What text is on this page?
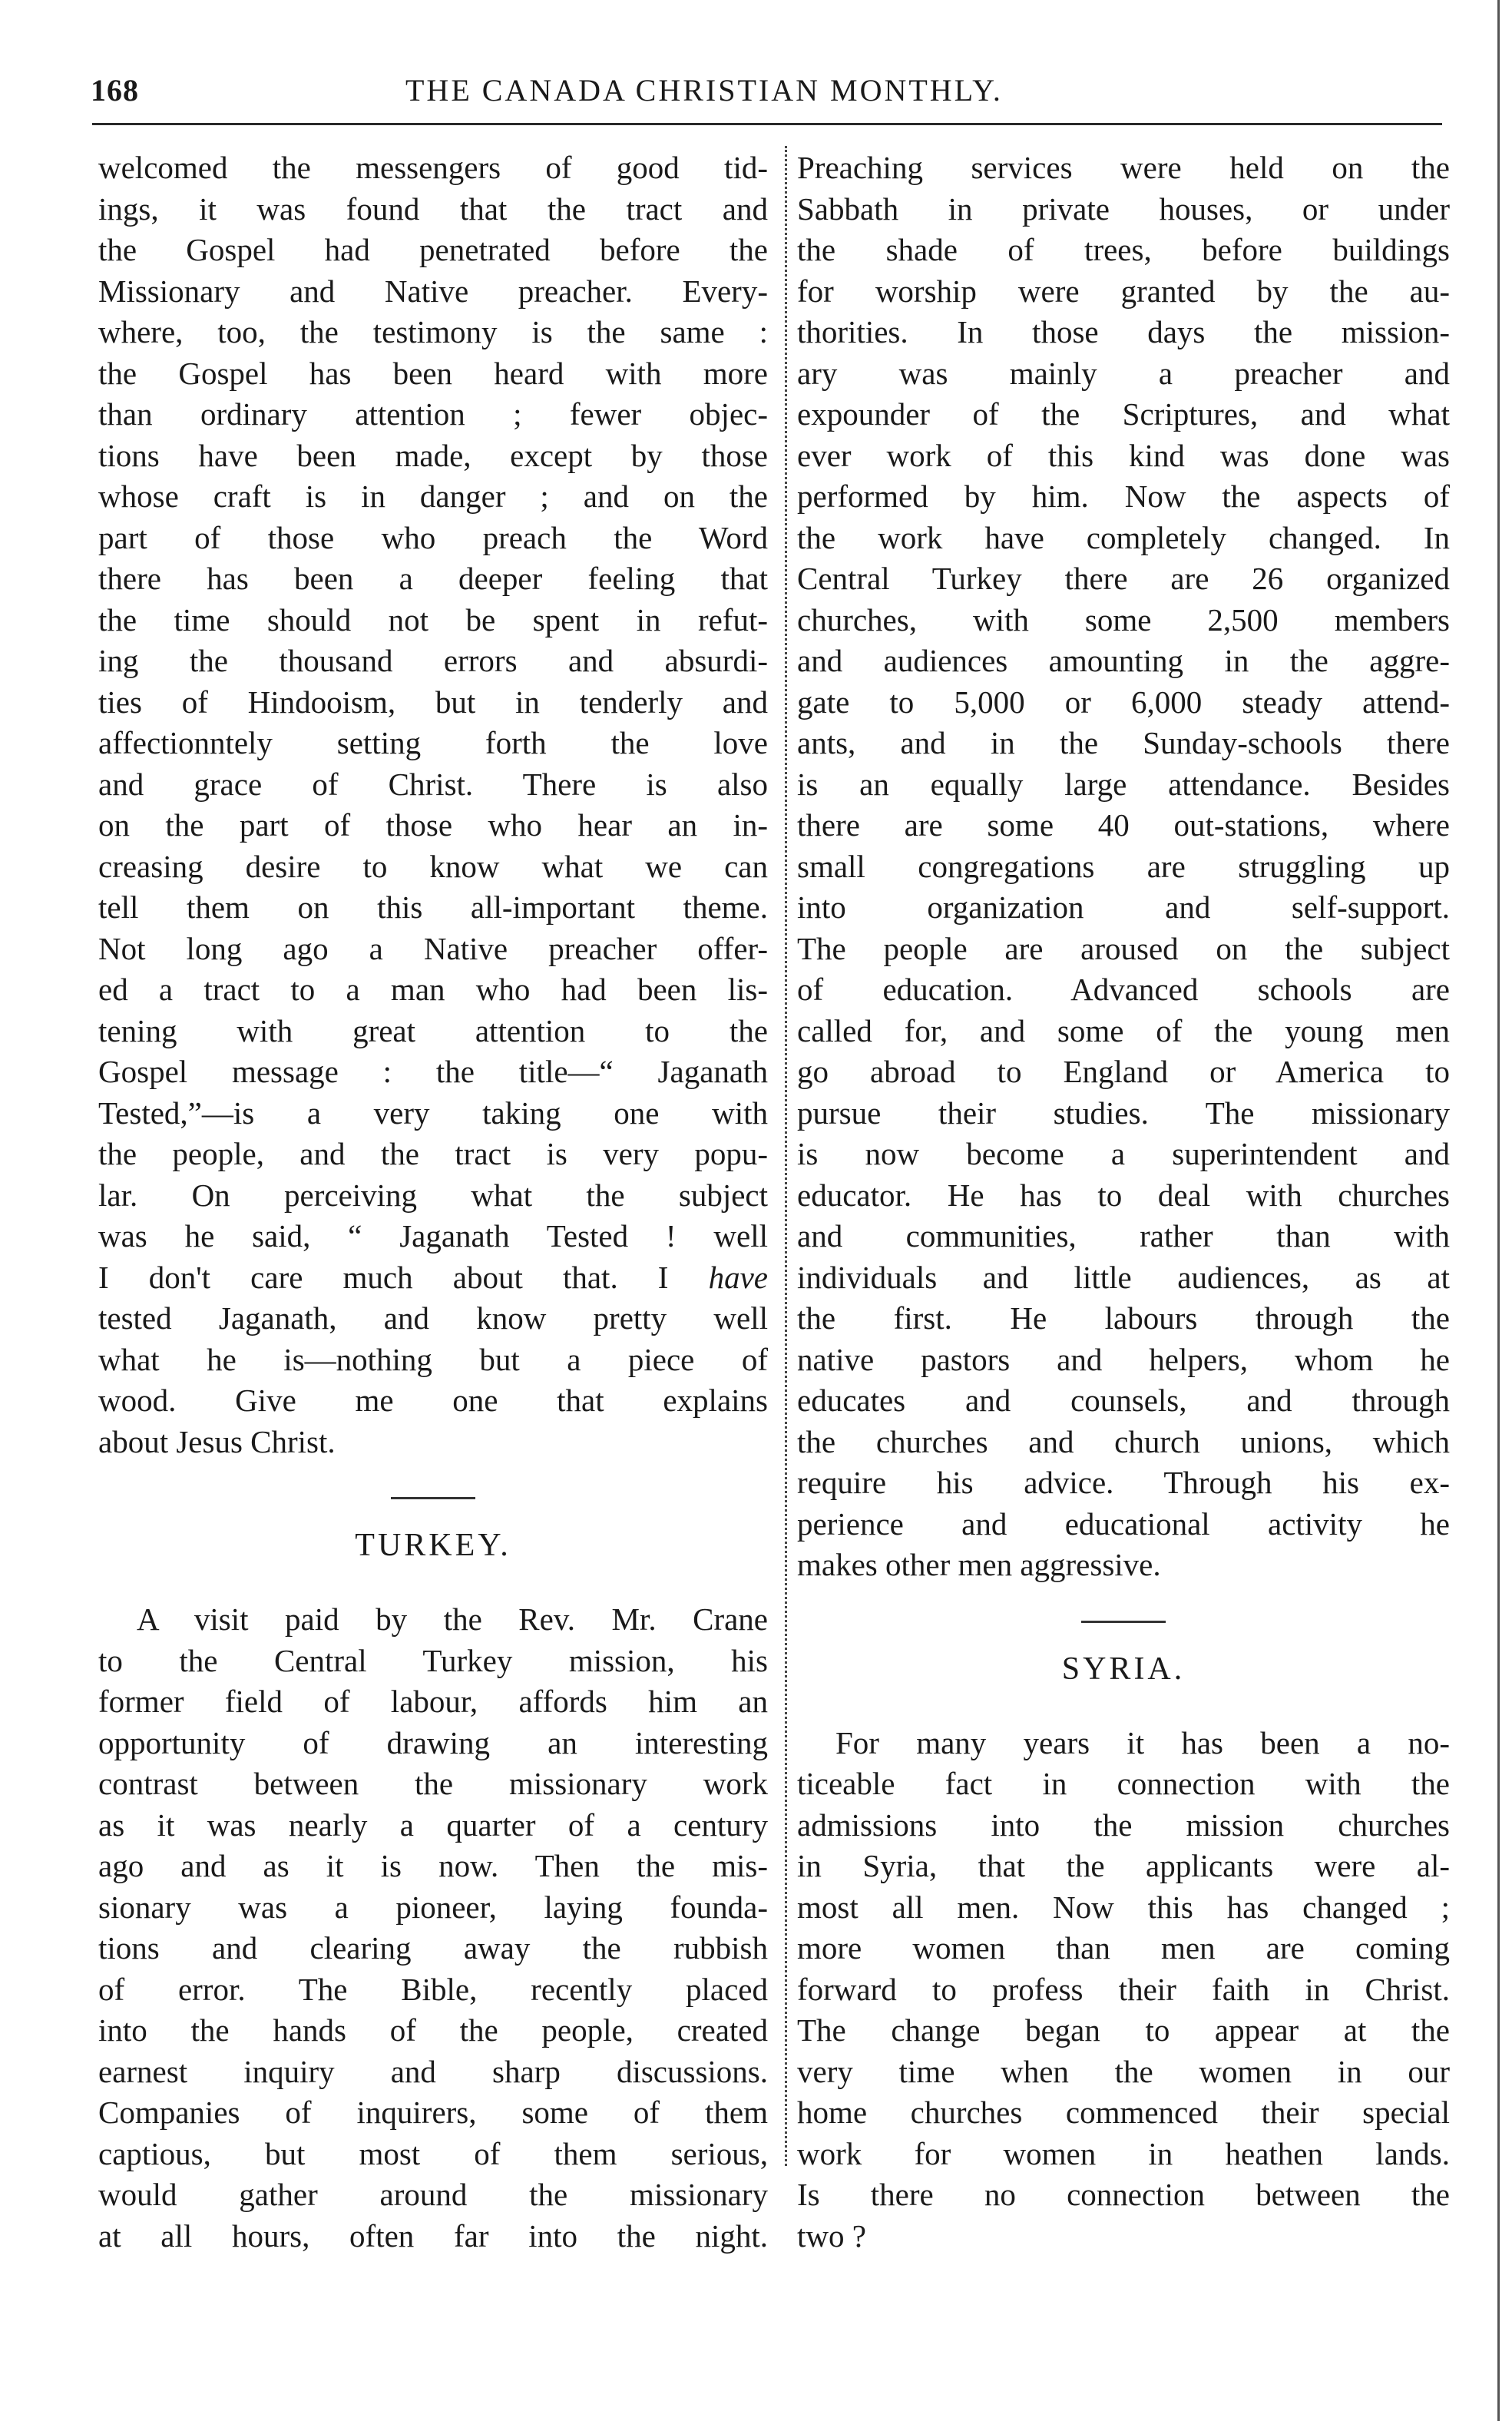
168	THE CANADA CHRISTIAN MONTHLY.
welcomed the messengers of good tid-
ings, it was found that the tract and
the Gospel had penetrated before the
Missionary and Native preacher. Every-
where, too, the testimony is the same :
the Gospel has been heard with more
than ordinary attention ; fewer objec-
tions have been made, except by those
whose craft is in danger ; and on the
part of those who preach the Word
there has been a deeper feeling that
the time should not be spent in refut-
ing the thousand errors and absurdi-
ties of Hindooism, but in tenderly and
affectionntely setting forth the love
and grace of Christ. There is also
on the part of those who hear an in-
creasing desire to know what we can
tell them on this all-important theme.
Not long ago a Native preacher offer-
ed a tract to a man who had been lis-
tening with great attention to the
Gospel message : the title—“ Jaganath
Tested,”—is a very taking one with
the people, and the tract is very popu-
lar. On perceiving what the subject
was he said, “ Jaganath Tested ! well
I don't care much about that. I have
tested Jaganath, and know pretty well
what he is—nothing but a piece of
wood. Give me one that explains
about Jesus Christ.
TURKEY.
A visit paid by the Rev. Mr. Crane
to the Central Turkey mission, his
former field of labour, affords him an
opportunity of drawing an interesting
contrast between the missionary work
as it was nearly a quarter of a century
ago and as it is now. Then the mis-
sionary was a pioneer, laying founda-
tions and clearing away the rubbish
of error. The Bible, recently placed
into the hands of the people, created
earnest inquiry and sharp discussions.
Companies of inquirers, some of them
captious, but most of them serious,
would gather around the missionary
at all hours, often far into the night.
Preaching services were held on the
Sabbath in private houses, or under
the shade of trees, before buildings
for worship were granted by the au-
thorities. In those days the mission-
ary was mainly a preacher and
expounder of the Scriptures, and what
ever work of this kind was done was
performed by him. Now the aspects of
the work have completely changed. In
Central Turkey there are 26 organized
churches, with some 2,500 members
and audiences amounting in the aggre-
gate to 5,000 or 6,000 steady attend-
ants, and in the Sunday-schools there
is an equally large attendance. Besides
there are some 40 out-stations, where
small congregations are struggling up
into organization and self-support.
The people are aroused on the subject
of education. Advanced schools are
called for, and some of the young men
go abroad to England or America to
pursue their studies. The missionary
is now become a superintendent and
educator. He has to deal with churches
and communities, rather than with
individuals and little audiences, as at
the first. He labours through the
native pastors and helpers, whom he
educates and counsels, and through
the churches and church unions, which
require his advice. Through his ex-
perience and educational activity he
makes other men aggressive.
SYRIA.
For many years it has been a no-
ticeable fact in connection with the
admissions into the mission churches
in Syria, that the applicants were al-
most all men. Now this has changed ;
more women than men are coming
forward to profess their faith in Christ.
The change began to appear at the
very time when the women in our
home churches commenced their special
work for women in heathen lands.
Is there no connection between the
two ?
